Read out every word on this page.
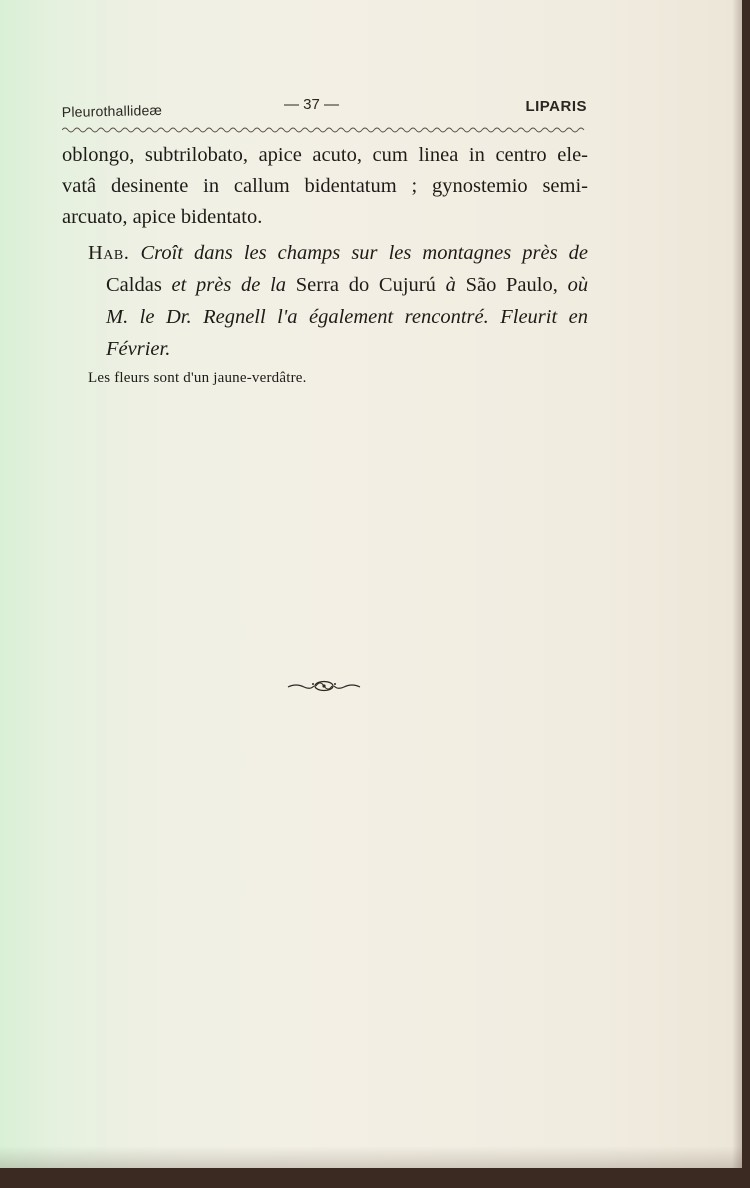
Pleurothallideæ	— 37 —	LIPARIS
oblongo, subtrilobato, apice acuto, cum linea in centro ele-
vatâ desinente in callum bidentatum ; gynostemio semi-
arcuato, apice bidentato.
Hab. Croît dans les champs sur les montagnes près de
Caldas et près de la Serra do Cujurú à São Paulo, où
M. le Dr. Regnell l'a également rencontré. Fleurit en
Février.
Les fleurs sont d'un jaune-verdâtre.
